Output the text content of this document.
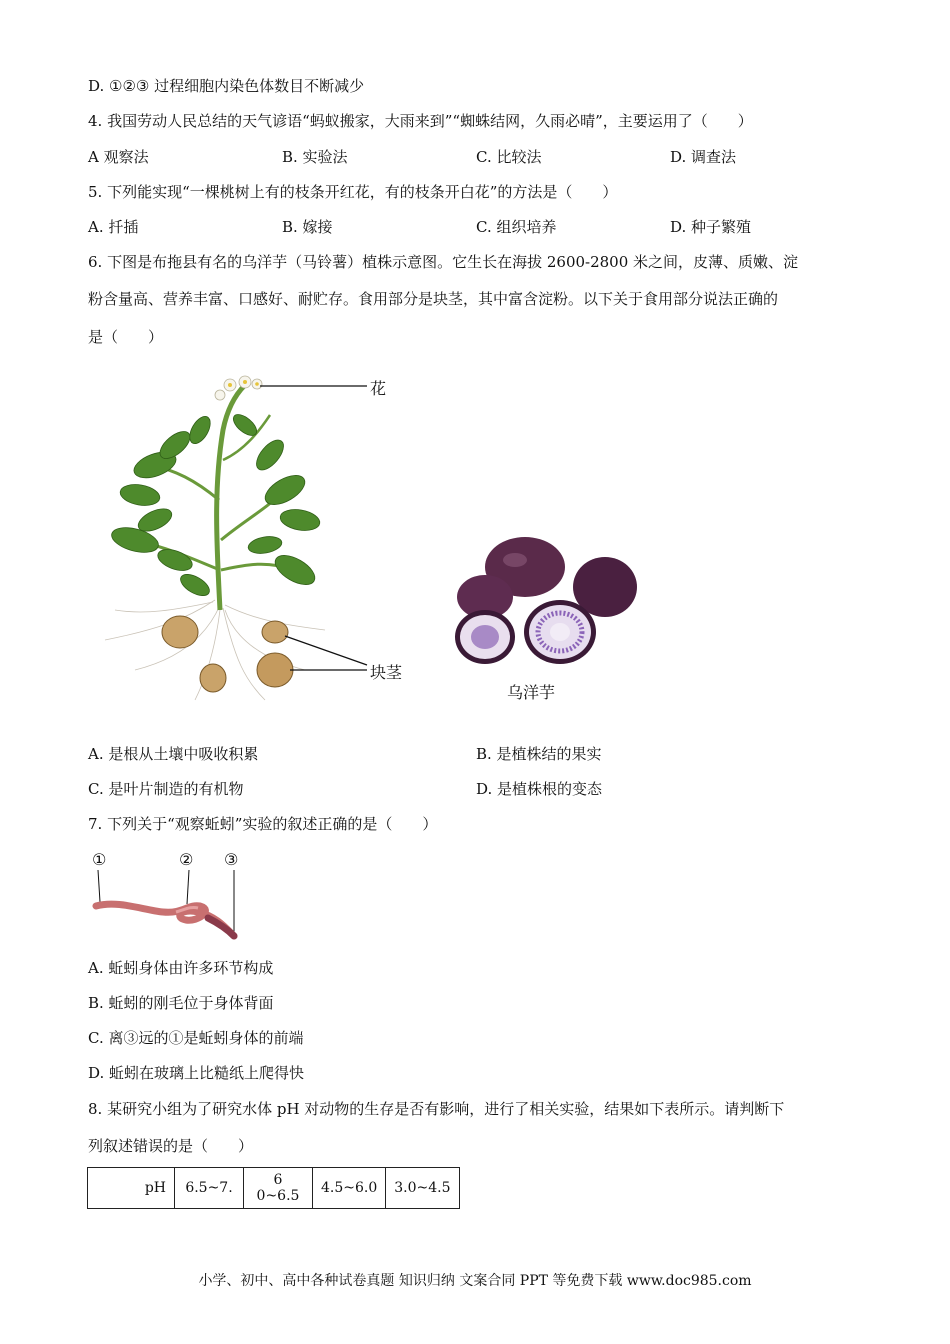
D. ①②③ 过程细胞内染色体数目不断减少
4. 我国劳动人民总结的天气谚语“蚂蚁搬家，大雨来到”“蜘蛛结网，久雨必晴”，主要运用了（　　）
A 观察法	B. 实验法	C. 比较法	D. 调查法
5. 下列能实现“一棵桃树上有的枝条开红花，有的枝条开白花”的方法是（　　）
A. 扦插	B. 嫁接	C. 组织培养	D. 种子繁殖
6. 下图是布拖县有名的乌洋芋（马铃薯）植株示意图。它生长在海拔 2600-2800 米之间，皮薄、质嫩、淀
粉含量高、营养丰富、口感好、耐贮存。食用部分是块茎，其中富含淀粉。以下关于食用部分说法正确的
是（　　）
花
块茎
乌洋芋
A. 是根从土壤中吸收积累	B. 是植株结的果实
C. 是叶片制造的有机物	D. 是植株根的变态
7. 下列关于“观察蚯蚓”实验的叙述正确的是（　　）
①	② ③
A. 蚯蚓身体由许多环节构成
B. 蚯蚓的刚毛位于身体背面
C. 离③远的①是蚯蚓身体的前端
D. 蚯蚓在玻璃上比糙纸上爬得快
8. 某研究小组为了研究水体 pH 对动物的生存是否有影响，进行了相关实验，结果如下表所示。请判断下
列叙述错误的是（　　）
pH	6.5~7.	6 0~6.5	4.5~6.0	3.0~4.5
小学、初中、高中各种试卷真题 知识归纳 文案合同 PPT 等免费下载 www.doc985.com
